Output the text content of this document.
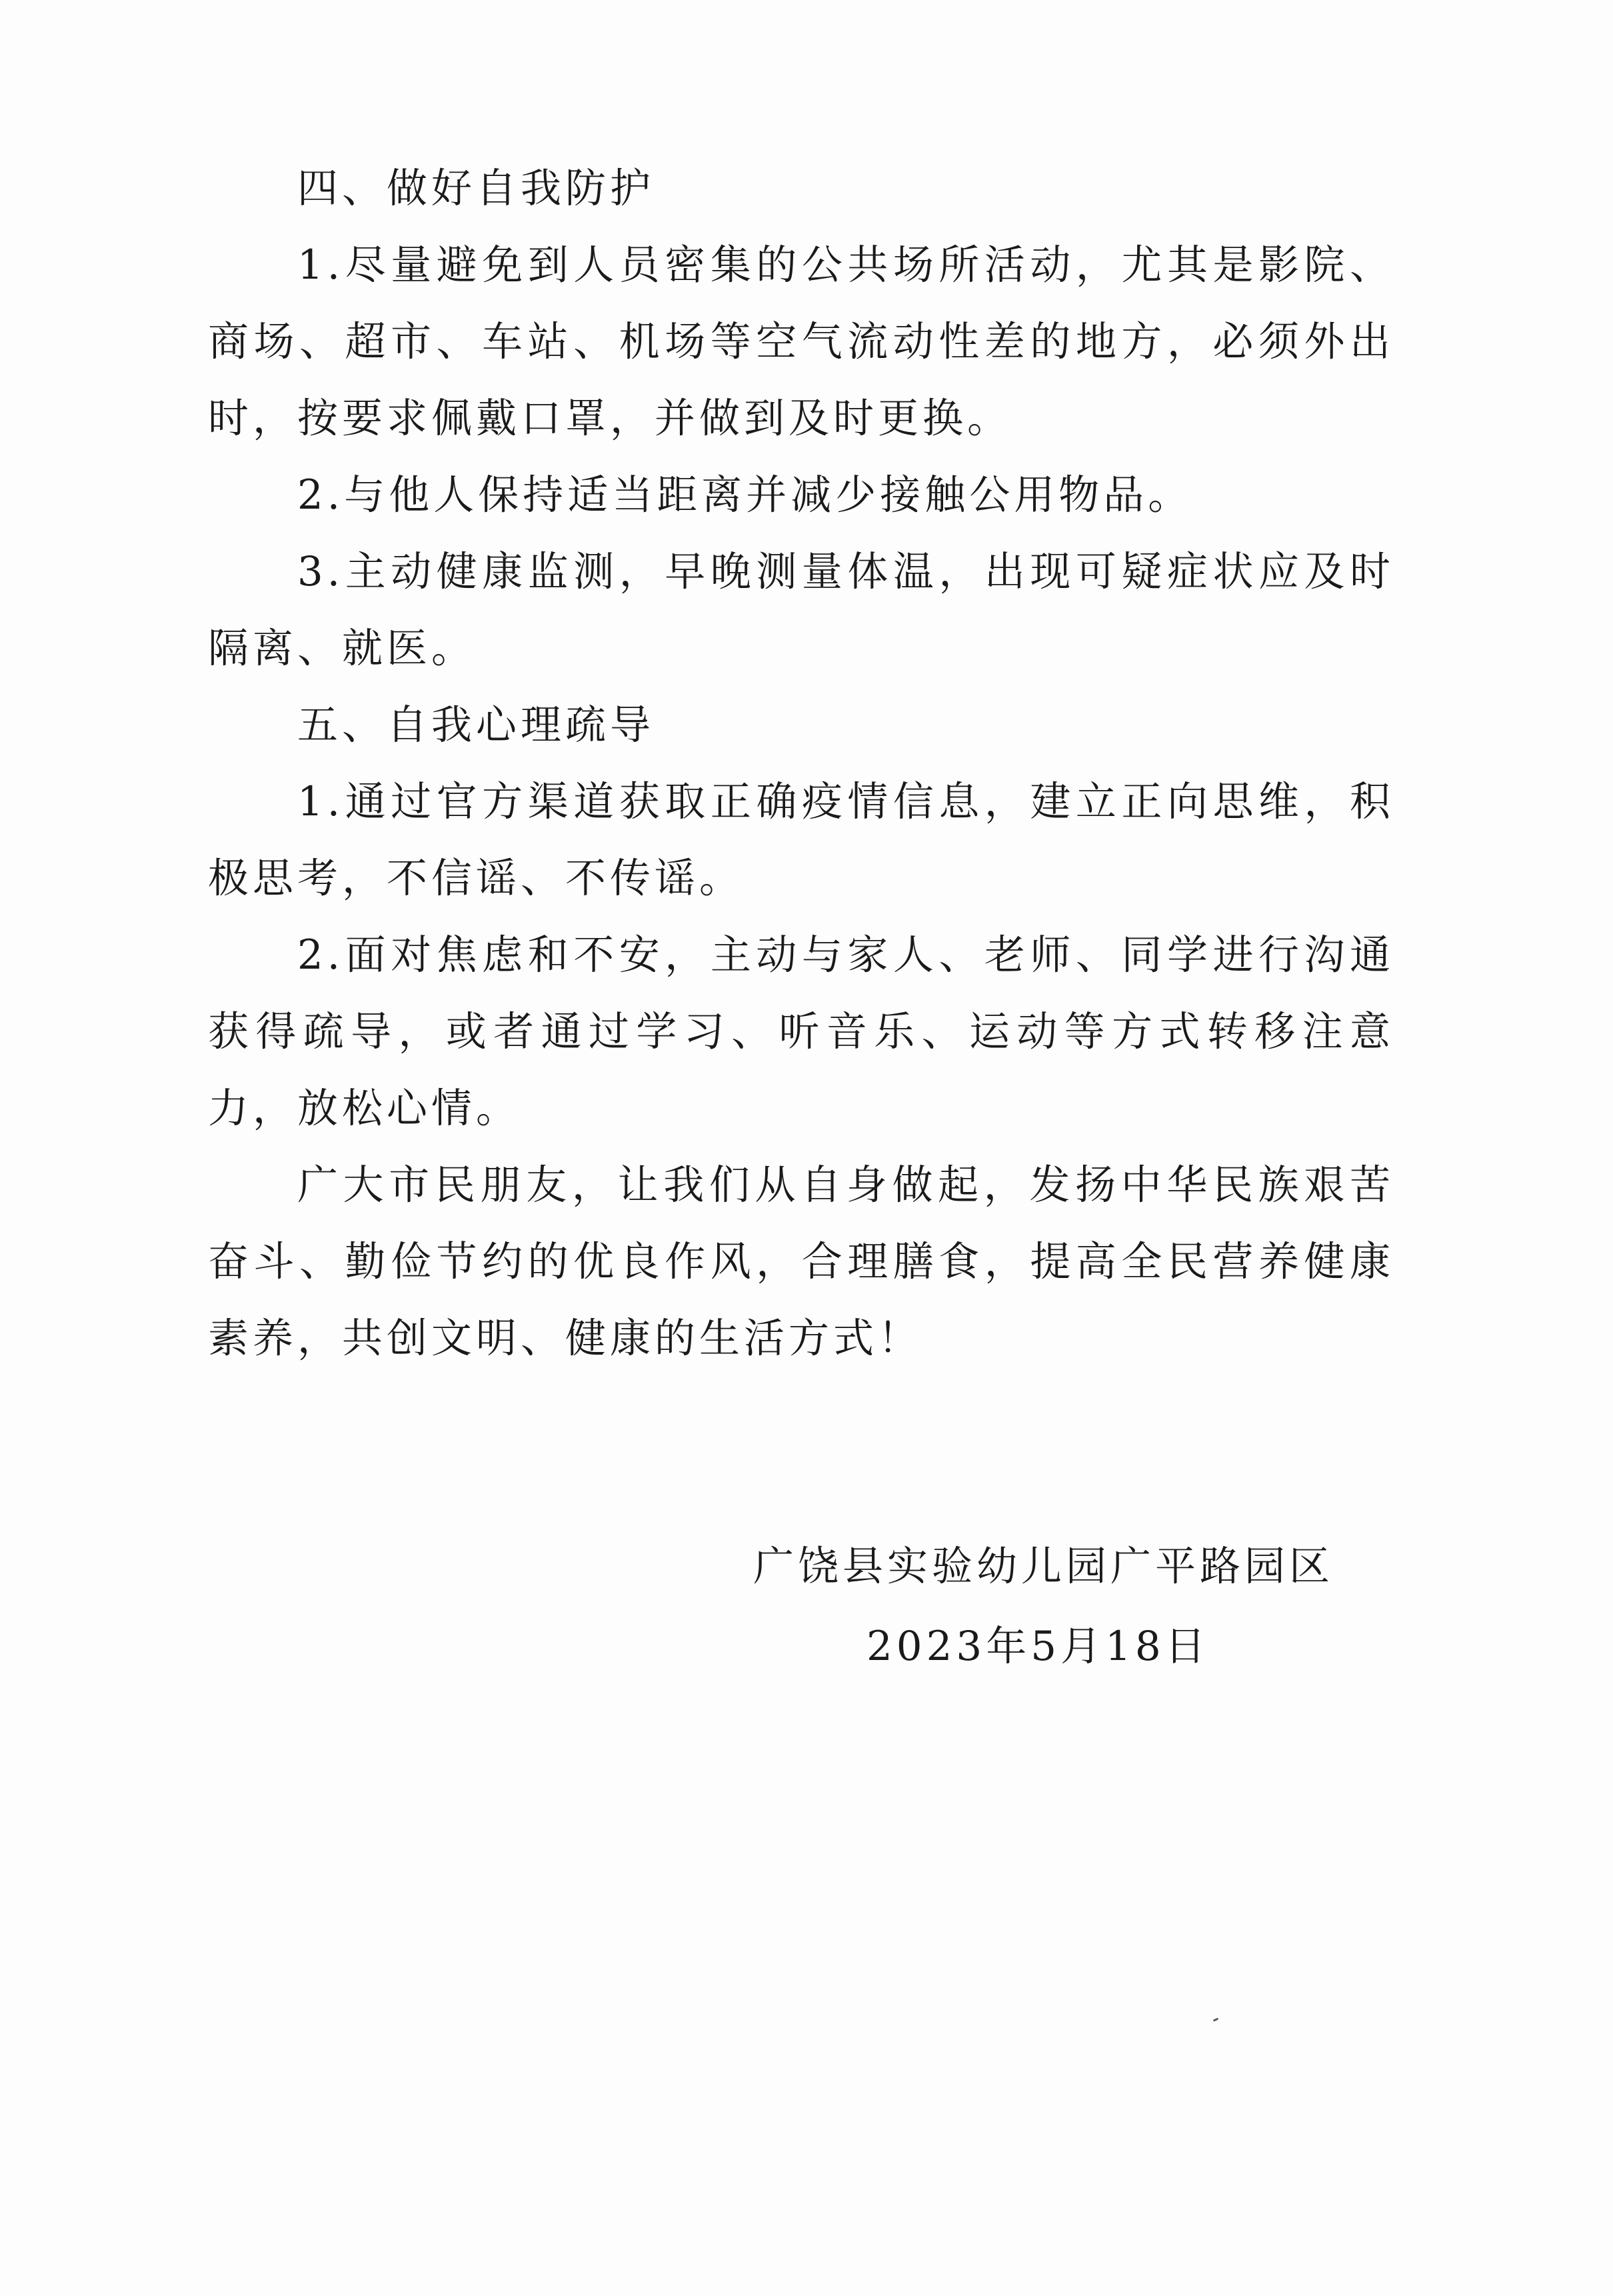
四、做好自我防护

1.尽量避免到人员密集的公共场所活动，尤其是影院、商场、超市、车站、机场等空气流动性差的地方，必须外出时，按要求佩戴口罩，并做到及时更换。

2.与他人保持适当距离并减少接触公用物品。

3.主动健康监测，早晚测量体温，出现可疑症状应及时隔离、就医。

五、自我心理疏导

1.通过官方渠道获取正确疫情信息，建立正向思维，积极思考，不信谣、不传谣。

2.面对焦虑和不安，主动与家人、老师、同学进行沟通获得疏导，或者通过学习、听音乐、运动等方式转移注意力，放松心情。

广大市民朋友，让我们从自身做起，发扬中华民族艰苦奋斗、勤俭节约的优良作风，合理膳食，提高全民营养健康素养，共创文明、健康的生活方式！

广饶县实验幼儿园广平路园区
2023年5月18日
